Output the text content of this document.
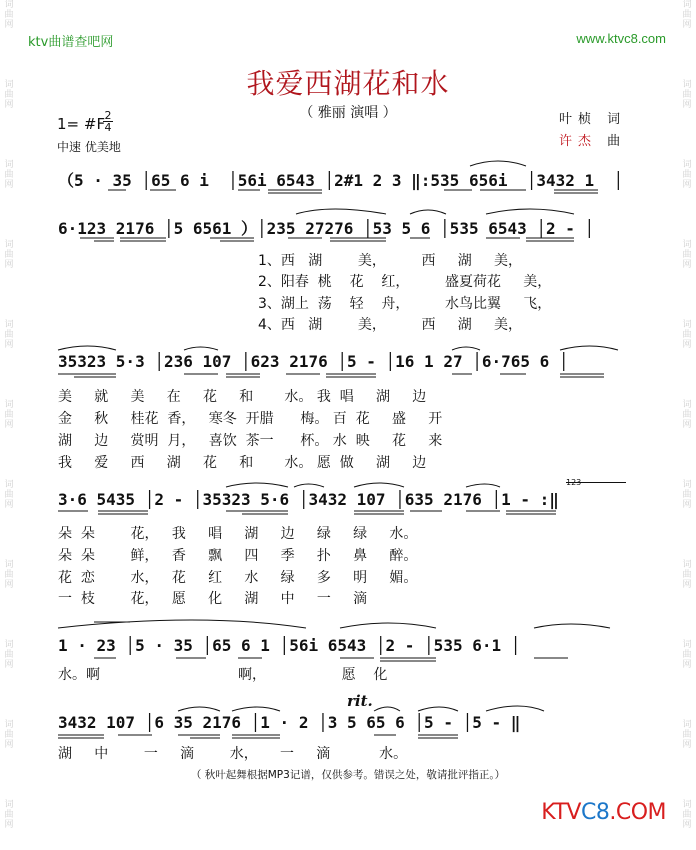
词
曲
网

词
曲
网

词
曲
网

词
曲
网

词
曲
网

词
曲
网

词
曲
网

词
曲
网

词
曲
网

词
曲
网

词
曲
网
词
曲
网

词
曲
网

词
曲
网

词
曲
网

词
曲
网

词
曲
网

词
曲
网

词
曲
网

词
曲
网

词
曲
网

词
曲
网
ktv曲谱查吧网	www.ktvc8.com
我爱西湖花和水
（ 雅丽 演唱 ）
1= #F 2
4
中速 优美地
叶桢 词
许杰 曲
（5 · 35 │65 6 i  │56i 6543 │2#1 2 3 ‖:535 656i  │3432 1  │
6·123 2176 │5 6561 ）│235 27276 │53 5 6 │535 6543 │2 - │
1、西   湖        美，        西     湖     美，
2、阳春  桃    花    红，        盛夏荷花     美，
3、湖上  荡    轻    舟，        水鸟比翼     飞，
4、西   湖        美，        西     湖     美，
35323 5·3 │236 107 │623 2176 │5 - │16 1 27 │6·765 6 │
美     就     美     在     花     和       水。 我  唱     湖     边
金     秋     桂花  香，   寒冬  开腊      梅。 百  花     盛     开
湖     边     赏明  月，   喜饮  茶一      杯。 水  映     花     来
我     爱     西     湖     花     和       水。 愿  做     湖     边
123
3·6 5435 │2 - │35323 5·6 │3432 107 │635 2176 │1 - :‖
朵  朵        花，   我     唱     湖     边     绿     绿     水。
朵  朵        鲜，   香     飘     四     季     扑     鼻     醉。
花  恋        水，   花     红     水     绿     多     明     媚。
一  枝        花，   愿     化     湖     中     一     滴
1 · 23 │5 · 35 │65 6 1 │56i 6543 │2 - │535 6·1 │
水。啊                               啊，                 愿    化
rit.
3432 107 │6 35 2176 │1 · 2 │3 5 65 6 │5 - │5 - ‖
湖     中        一     滴        水，     一     滴           水。
（ 秋叶起舞根据MP3记谱，仅供参考。错误之处，敬请批评指正。）
KTVC8.COM
